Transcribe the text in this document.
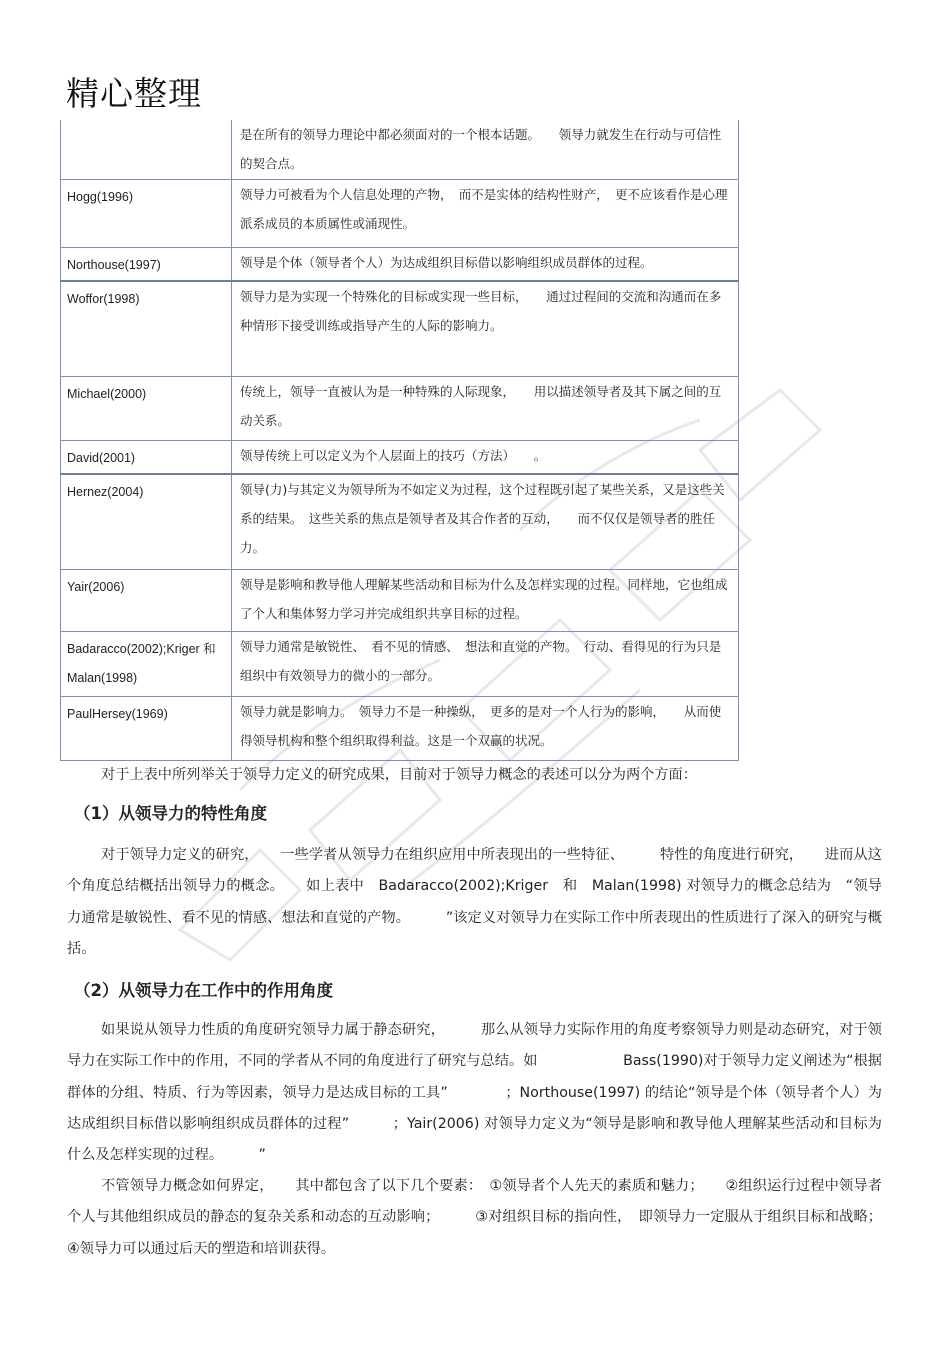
精心整理
	是在所有的领导力理论中都必须面对的一个根本话题。　　领导力就发生在行动与可信性的契合点。
Hogg(1996)	领导力可被看为个人信息处理的产物，　而不是实体的结构性财产，　更不应该看作是心理派系成员的本质属性或涌现性。
Northouse(1997)	领导是个体（领导者个人）为达成组织目标借以影响组织成员群体的过程。
Woffor(1998)	领导力是为实现一个特殊化的目标或实现一些目标，　　通过过程间的交流和沟通而在多种情形下接受训练或指导产生的人际的影响力。
Michael(2000)	传统上，领导一直被认为是一种特殊的人际现象，　　用以描述领导者及其下属之间的互动关系。
David(2001)	领导传统上可以定义为个人层面上的技巧（方法）　　。
Hernez(2004)	领导(力)与其定义为领导所为不如定义为过程，这个过程既引起了某些关系，又是这些关系的结果。　这些关系的焦点是领导者及其合作者的互动，　　而不仅仅是领导者的胜任力。
Yair(2006)	领导是影响和教导他人理解某些活动和目标为什么及怎样实现的过程。同样地，它也组成了个人和集体努力学习并完成组织共享目标的过程。
Badaracco(2002);Kriger 和 Malan(1998)	领导力通常是敏锐性、　看不见的情感、　想法和直觉的产物。　行动、看得见的行为只是组织中有效领导力的微小的一部分。
PaulHersey(1969)	领导力就是影响力。　领导力不是一种操纵，　更多的是对一个人行为的影响，　　从而使得领导机构和整个组织取得利益。这是一个双赢的状况。

对于上表中所列举关于领导力定义的研究成果，目前对于领导力概念的表述可以分为两个方面：

（1）从领导力的特性角度

对于领导力定义的研究，　　一些学者从领导力在组织应用中所表现出的一些特征、　　　特性的角度进行研究，　　进而从这个角度总结概括出领导力的概念。　　如上表中　Badaracco(2002);Kriger　和　Malan(1998) 对领导力的概念总结为　“领导力通常是敏锐性、看不见的情感、想法和直觉的产物。　　　”该定义对领导力在实际工作中所表现出的性质进行了深入的研究与概括。

（2）从领导力在工作中的作用角度

如果说从领导力性质的角度研究领导力属于静态研究，　　　那么从领导力实际作用的角度考察领导力则是动态研究，对于领导力在实际工作中的作用，不同的学者从不同的角度进行了研究与总结。如　　　　　　Bass(1990)对于领导力定义阐述为“根据群体的分组、特质、行为等因素，领导力是达成目标的工具”　　　　；Northouse(1997) 的结论“领导是个体（领导者个人）为达成组织目标借以影响组织成员群体的过程”　　　；Yair(2006) 对领导力定义为“领导是影响和教导他人理解某些活动和目标为什么及怎样实现的过程。　　　”

不管领导力概念如何界定，　　其中都包含了以下几个要素：　①领导者个人先天的素质和魅力；　　②组织运行过程中领导者个人与其他组织成员的静态的复杂关系和动态的互动影响；　　　③对组织目标的指向性，　即领导力一定服从于组织目标和战略；④领导力可以通过后天的塑造和培训获得。
